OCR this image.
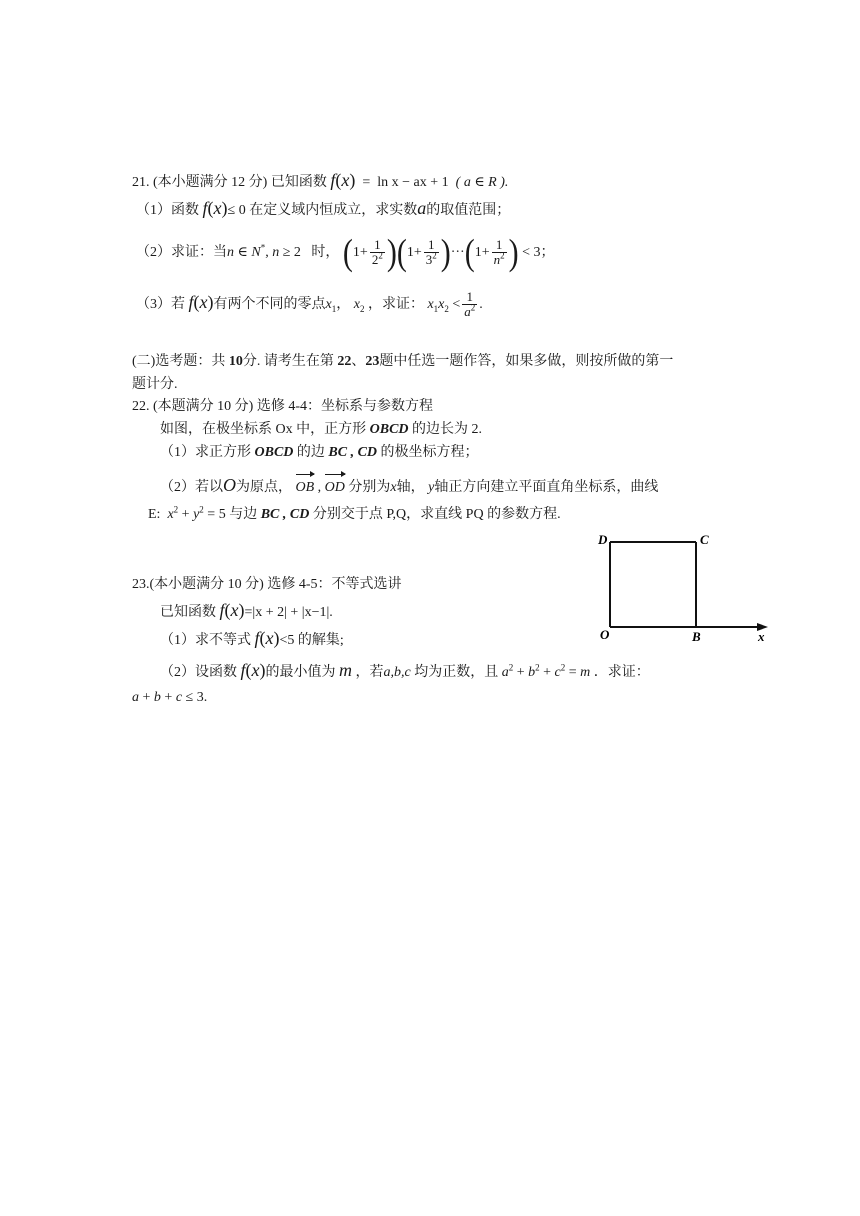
21. (本小题满分 12 分) 已知函数 f(x)  =  ln x − ax + 1 ( a ∈ R ).
（1）函数 f(x)≤ 0 在定义域内恒成立，求实数a的取值范围；
（2）求证：当n ∈ N*, n ≥ 2   时， $(1+ \frac{1}{2^2} )(1+ \frac{1}{3^2} )\cdot\cdot\cdot(1+ \frac{1}{n^2}$ ) < 3；
（3）若 f(x)有两个不同的零点$x_1$， $x_2$ ，求证： $x_1x_2 < \frac{1}{a^2}$ .
(二)选考题：共 10分. 请考生在第 22、23题中任选一题作答，如果多做，则按所做的第一
题计分.
22. (本题满分 10 分) 选修 4-4：坐标系与参数方程
如图，在极坐标系 Ox 中，正方形 OBCD 的边长为 2.
（1）求正方形 OBCD 的边 BC , CD 的极坐标方程；
（2）若以O为原点， OB , OD 分别为x轴， y轴正方向建立平面直角坐标系，曲线
E: $x^2 + y^2 = 5$ 与边 BC , CD 分别交于点 P,Q，求直线 PQ 的参数方程.
D	C
O	B	x
23.(本小题满分 10 分) 选修 4-5：不等式选讲
已知函数 f(x)=|x + 2| + |x−1|.
（1）求不等式 f(x)<5 的解集;
（2）设函数 f(x)的最小值为 m ，若a,b,c 均为正数，且 $a^2 + b^2 + c^2 = m$ ．求证：
a + b + c ≤ 3.
